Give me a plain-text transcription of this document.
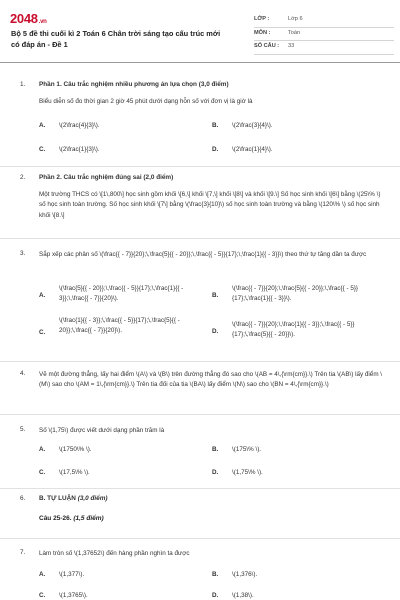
2048.vn
Bộ 5 đề thi cuối kì 2 Toán 6 Chân trời sáng tạo cấu trúc mới có đáp án - Đề 1
LỚP :	Lớp 6
MÔN :	Toán
SỐ CÂU : 33
1. Phần 1. Câu trắc nghiệm nhiều phương án lựa chọn (3,0 điểm)
Biểu diễn số đo thời gian 2 giờ 45 phút dưới dạng hỗn số với đơn vị là giờ là
A. \(2\frac{4}{3}\).	B. \(2\frac{3}{4}\).
C. \(2\frac{1}{3}\).	D. \(2\frac{1}{4}\).
2. Phần 2. Câu trắc nghiệm đúng sai (2,0 điểm)
Một trường THCS có \[1\,800\] học sinh gồm khối \[6,\] khối \[7,\] khối \[8\] và khối \[9.\] Số học sinh khối \[6\] bằng \(25\% \) số học sinh toàn trường. Số học sinh khối \[7\] bằng \(\frac{3}{10}\) số học sinh toàn trường và bằng \(120\% \) số học sinh khối \[8.\]
3. Sắp xếp các phân số \(\frac{{ - 7}}{20};\,\frac{5}{{ - 20}};\,\frac{{ - 5}}{17};\,\frac{1}{{ - 3}}\) theo thứ tự tăng dần ta được
A.
\(\frac{5}{{ - 20}};\,\frac{{ - 5}}{17};\,\frac{1}{{ - 3}};\,\frac{{ - 7}}{20}\).	B.
\(\frac{{ - 7}}{20};\,\frac{5}{{ - 20}};\,\frac{{ - 5}}{17};\,\frac{1}{{ - 3}}\).
C.
\(\frac{1}{{ - 3}};\,\frac{{ - 5}}{17};\,\frac{5}{{ - 20}};\,\frac{{ - 7}}{20}\).	D.
\(\frac{{ - 7}}{20};\,\frac{1}{{ - 3}};\,\frac{{ - 5}}{17};\,\frac{5}{{ - 20}}\).
4. Vẽ một đường thẳng, lấy hai điểm \(A\) và \(B\) trên đường thẳng đó sao cho \(AB = 4\,{\rm{cm}}.\) Trên tia \(AB\) lấy điểm \(M\) sao cho \(AM = 1\,{\rm{cm}}.\) Trên tia đối của tia \(BA\) lấy điểm \(N\) sao cho \(BN = 4\,{\rm{cm}}.\)
5. Số \(1,75\) được viết dưới dạng phần trăm là
A. \(1750\% \).	B. \(175\% \).
C. \(17,5\% \).	D. \(1,75\% \).
6. B. TỰ LUẬN (3,0 điểm)
Câu 25-26. (1,5 điểm)
7. Làm tròn số \(1,37652\) đến hàng phần nghìn ta được
A. \(1,377\).	B. \(1,376\).
C. \(1,3765\).	D. \(1,38\).
